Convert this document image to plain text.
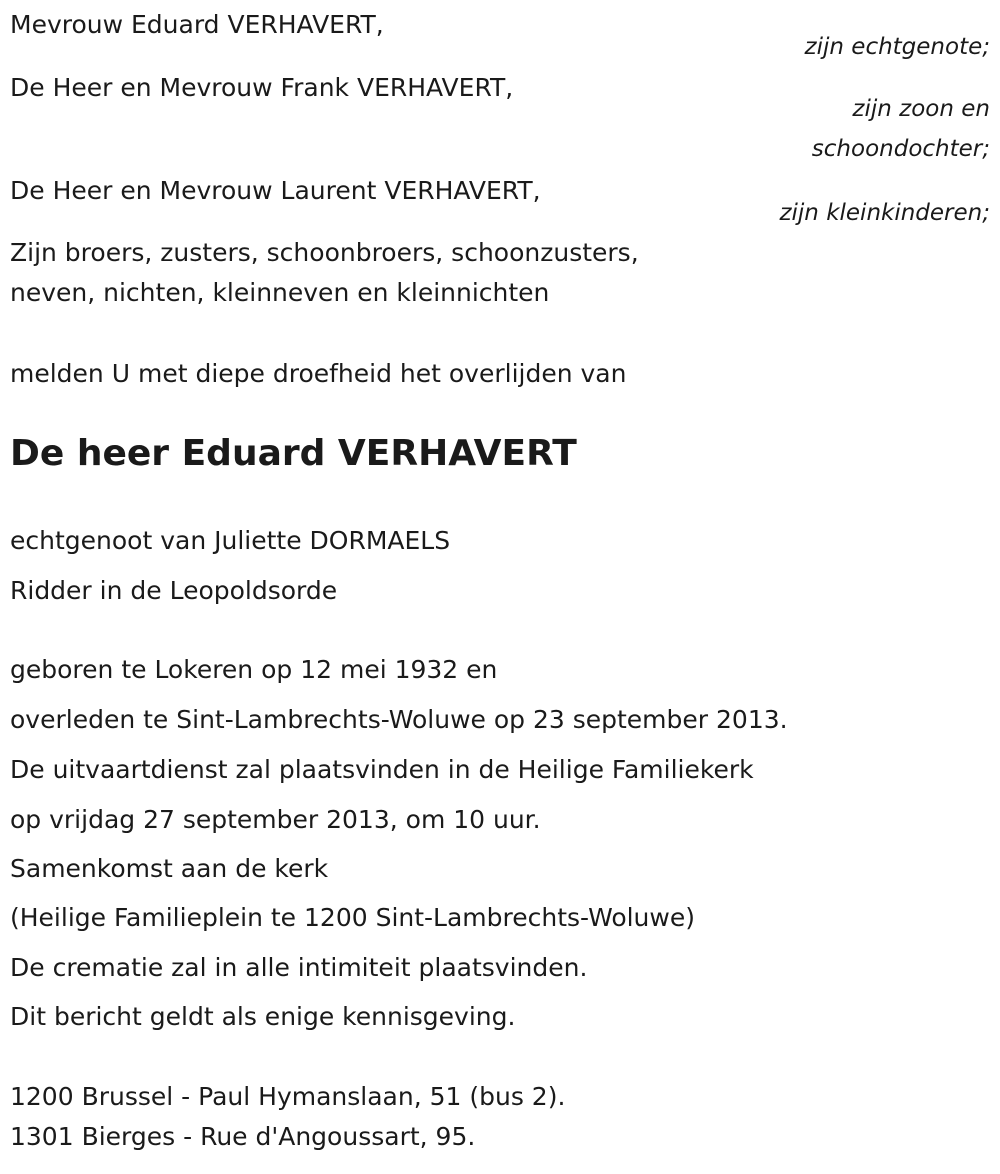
Mevrouw Eduard VERHAVERT,
zijn echtgenote;
De Heer en Mevrouw Frank VERHAVERT,
zijn zoon en
schoondochter;
De Heer en Mevrouw Laurent VERHAVERT,
zijn kleinkinderen;
Zijn broers, zusters, schoonbroers, schoonzusters,
neven, nichten, kleinneven en kleinnichten
melden U met diepe droefheid het overlijden van
De heer Eduard VERHAVERT
echtgenoot van Juliette DORMAELS
Ridder in de Leopoldsorde
geboren te Lokeren op 12 mei 1932 en
overleden te Sint-Lambrechts-Woluwe op 23 september 2013.
De uitvaartdienst zal plaatsvinden in de Heilige Familiekerk
op vrijdag 27 september 2013, om 10 uur.
Samenkomst aan de kerk
(Heilige Familieplein te 1200 Sint-Lambrechts-Woluwe)
De crematie zal in alle intimiteit plaatsvinden.
Dit bericht geldt als enige kennisgeving.
1200 Brussel - Paul Hymanslaan, 51 (bus 2).
1301 Bierges - Rue d'Angoussart, 95.
